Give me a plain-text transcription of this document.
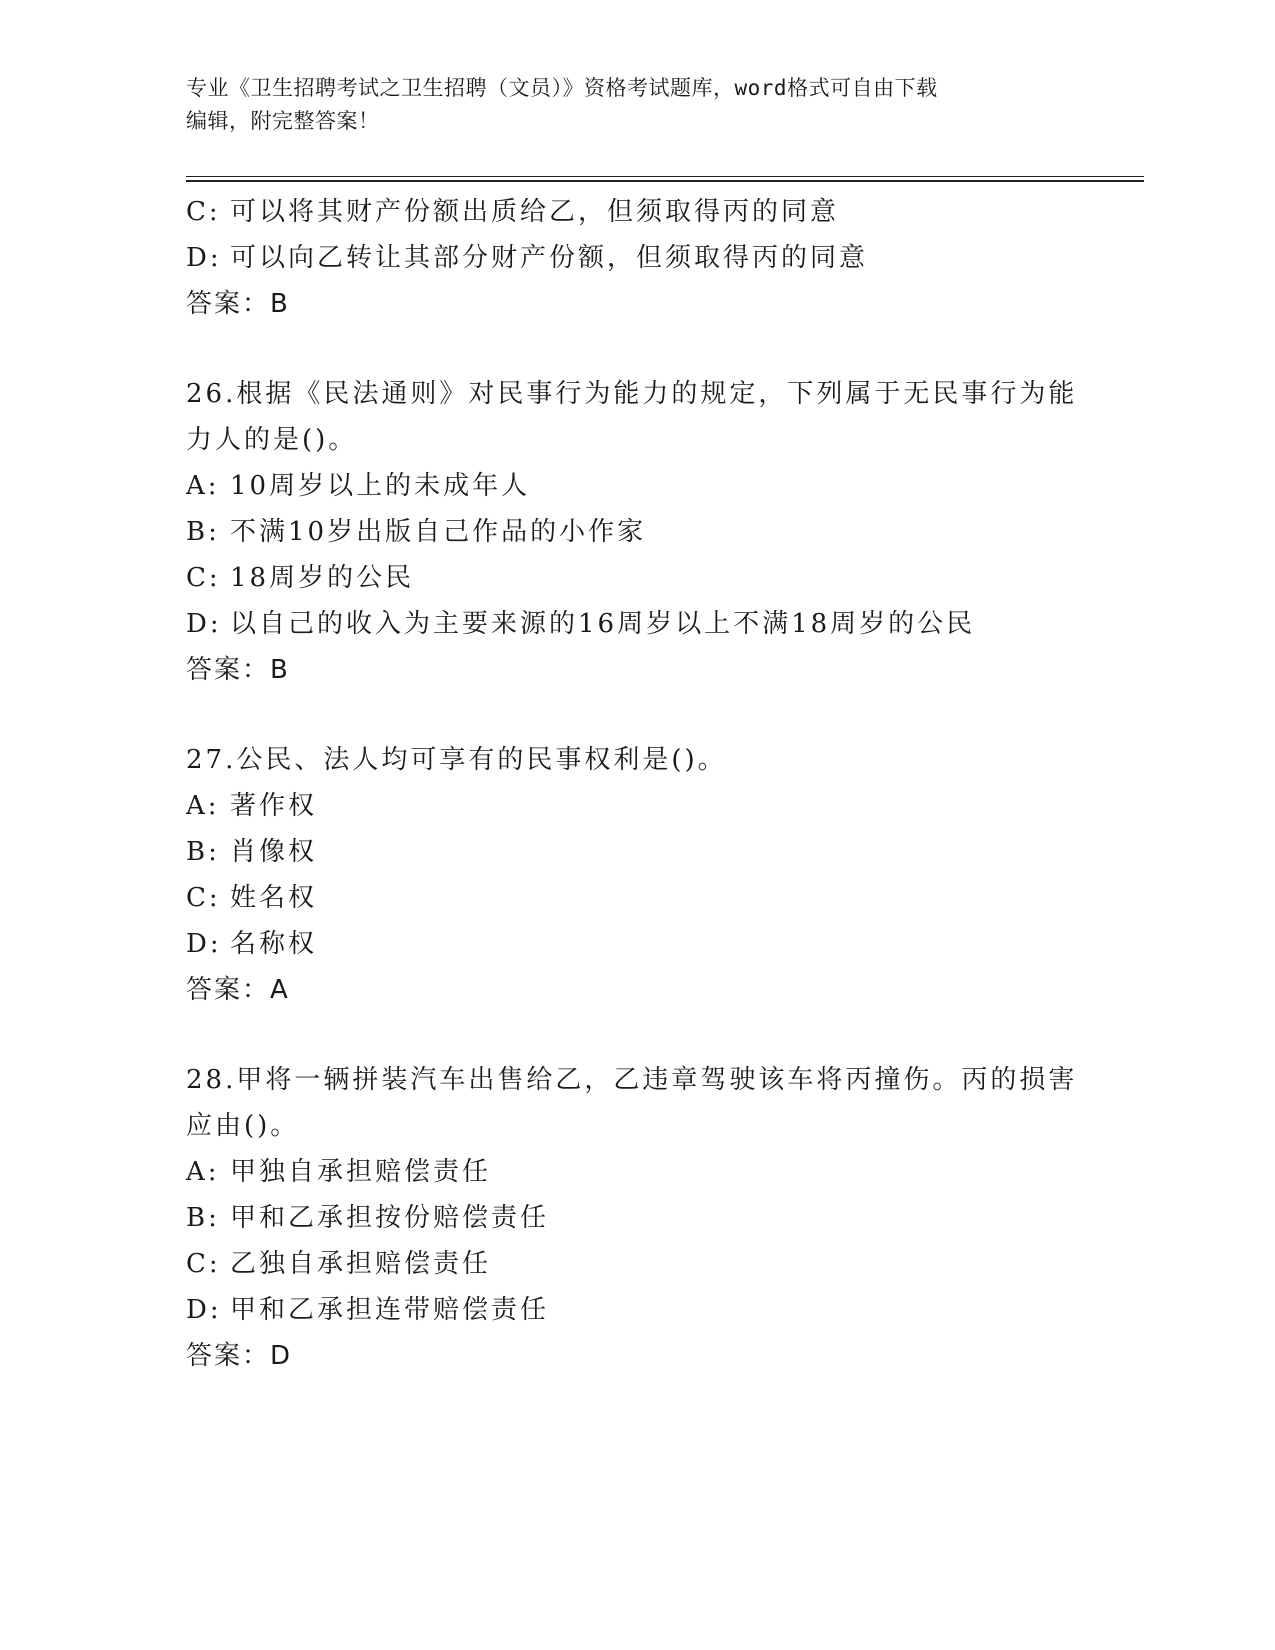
专业《卫生招聘考试之卫生招聘（文员）》资格考试题库，word格式可自由下载
编辑，附完整答案！
C: 可以将其财产份额出质给乙，但须取得丙的同意
D: 可以向乙转让其部分财产份额，但须取得丙的同意
答案：B
26.根据《民法通则》对民事行为能力的规定，下列属于无民事行为能
力人的是()。
A: 10周岁以上的未成年人
B: 不满10岁出版自己作品的小作家
C: 18周岁的公民
D: 以自己的收入为主要来源的16周岁以上不满18周岁的公民
答案：B
27.公民、法人均可享有的民事权利是()。
A: 著作权
B: 肖像权
C: 姓名权
D: 名称权
答案：A
28.甲将一辆拼装汽车出售给乙，乙违章驾驶该车将丙撞伤。丙的损害
应由()。
A: 甲独自承担赔偿责任
B: 甲和乙承担按份赔偿责任
C: 乙独自承担赔偿责任
D: 甲和乙承担连带赔偿责任
答案：D
